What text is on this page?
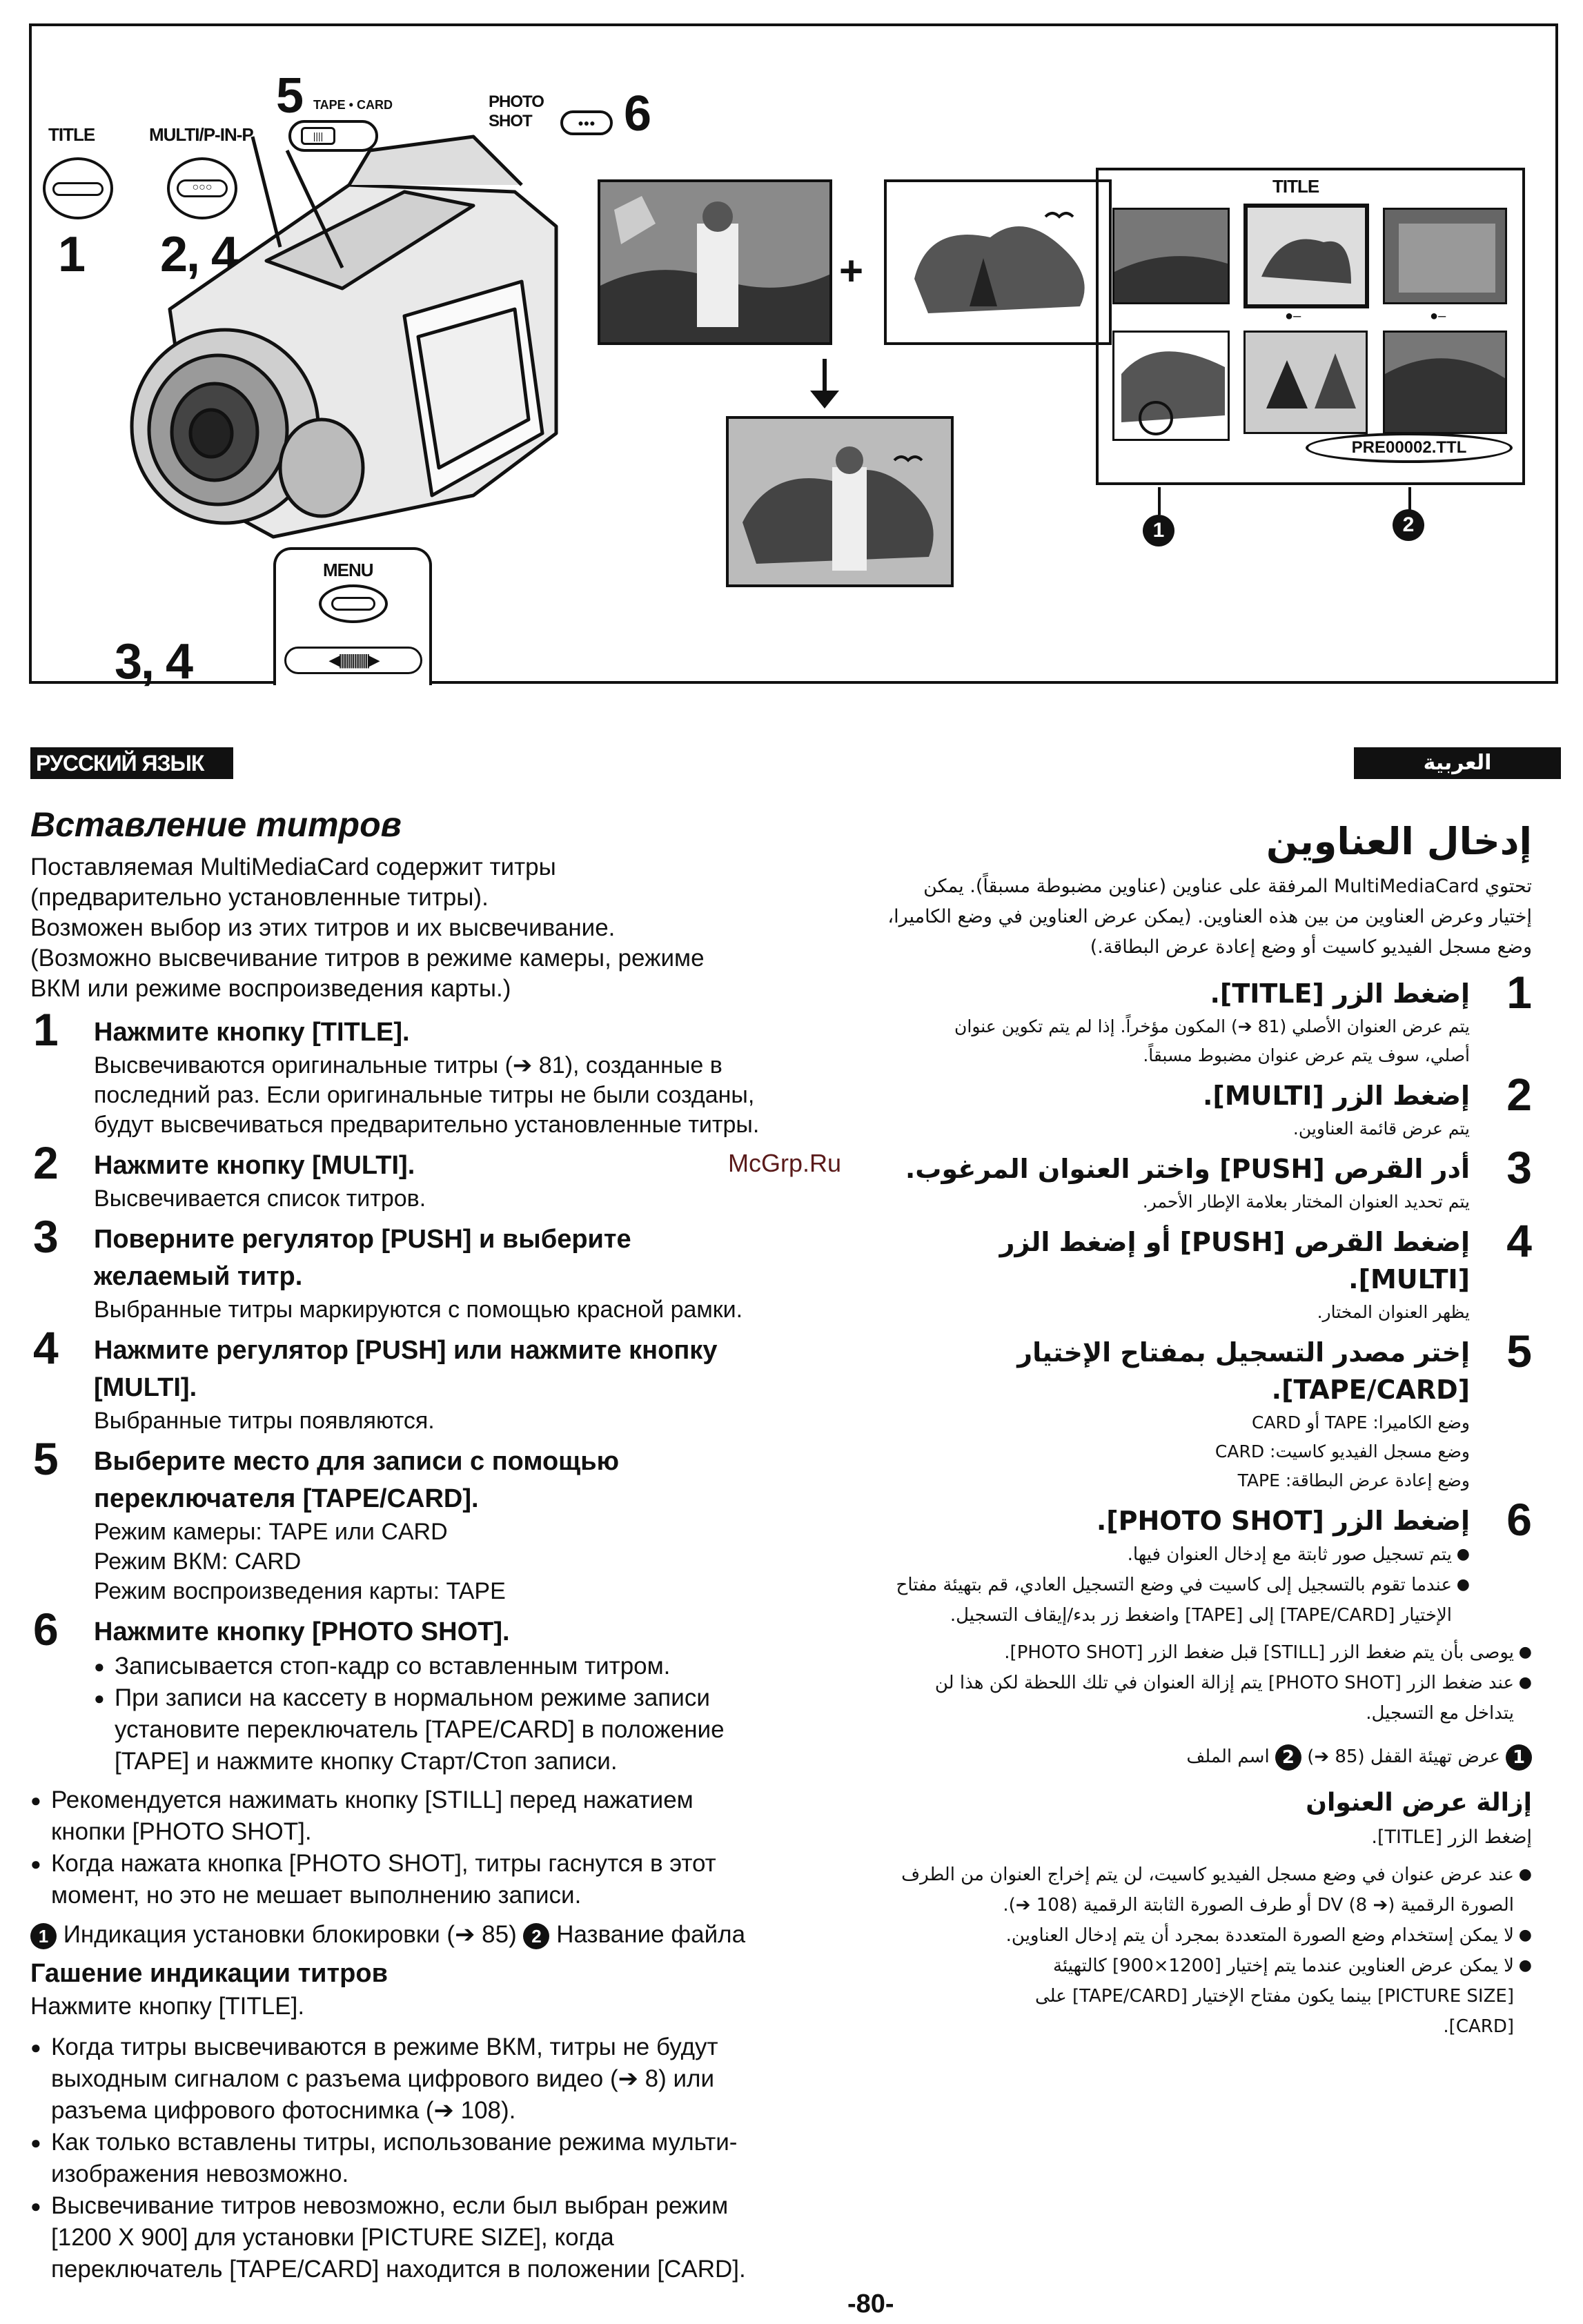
TITLE
1
MULTI/P-IN-P
○○○
2, 4
5 TAPE • CARD
||||
PHOTO
SHOT	●●● 6
MENU
◀||||||||||||||||▶
3, 4
+
TITLE
●–	●–
PRE00002.TTL
1	2
РУССКИЙ ЯЗЫК	العربية
Вставление титров
Поставляемая MultiMediaCard содержит титры
(предварительно установленные титры).
Возможен выбор из этих титров и их высвечивание.
(Возможно высвечивание титров в режиме камеры, режиме
ВКМ или режиме воспроизведения карты.)
1 Нажмите кнопку [TITLE].
Высвечиваются оригинальные титры (➔ 81), созданные в
последний раз. Если оригинальные титры не были созданы,
будут высвечиваться предварительно установленные титры.
2 Нажмите кнопку [MULTI].
Высвечивается список титров.
3 Поверните регулятор [PUSH] и выберите
желаемый титр.
Выбранные титры маркируются с помощью красной рамки.
4 Нажмите регулятор [PUSH] или нажмите кнопку
[MULTI].
Выбранные титры появляются.
5 Выберите место для записи с помощью
переключателя [TAPE/CARD].
Режим камеры: TAPE или CARD
Режим ВКМ: CARD
Режим воспроизведения карты: TAPE
6 Нажмите кнопку [PHOTO SHOT].
● Записывается стоп-кадр со вставленным титром.
● При записи на кассету в нормальном режиме записи
установите переключатель [TAPE/CARD] в положение
[TAPE] и нажмите кнопку Старт/Стоп записи.
● Рекомендуется нажимать кнопку [STILL] перед нажатием
кнопки [PHOTO SHOT].
● Когда нажата кнопка [PHOTO SHOT], титры гаснутся в этот
момент, но это не мешает выполнению записи.
1 Индикация установки блокировки (➔ 85) 2 Название файла
Гашение индикации титров
Нажмите кнопку [TITLE].
● Когда титры высвечиваются в режиме ВКМ, титры не будут
выходным сигналом с разъема цифрового видео (➔ 8) или
разъема цифрового фотоснимка (➔ 108).
● Как только вставлены титры, использование режима мульти-
изображения невозможно.
● Высвечивание титров невозможно, если был выбран режим
[1200 X 900] для установки [PICTURE SIZE], когда
переключатель [TAPE/CARD] находится в положении [CARD].
إدخال العناوين
تحتوي MultiMediaCard المرفقة على عناوين (عناوين مضبوطة مسبقاً). يمكن
إختيار وعرض العناوين من بين هذه العناوين. (يمكن عرض العناوين في وضع الكاميرا،
وضع مسجل الفيديو كاسيت أو وضع إعادة عرض البطاقة.)
1
إضغط الزر [TITLE].
يتم عرض العنوان الأصلي (81 ➔) المكون مؤخراً. إذا لم يتم تكوين عنوان
أصلي، سوف يتم عرض عنوان مضبوط مسبقاً.
2
إضغط الزر [MULTI].
يتم عرض قائمة العناوين.
3
أدر القرص [PUSH] واختر العنوان المرغوب.
يتم تحديد العنوان المختار بعلامة الإطار الأحمر.
4
إضغط القرص [PUSH] أو إضغط الزر
[MULTI].
يظهر العنوان المختار.
5
إختر مصدر التسجيل بمفتاح الإختيار
[TAPE/CARD].
وضع الكاميرا: TAPE أو CARD
وضع مسجل الفيديو كاسيت: CARD
وضع إعادة عرض البطاقة: TAPE
6
إضغط الزر [PHOTO SHOT].
● يتم تسجيل صور ثابتة مع إدخال العنوان فيها.
● عندما تقوم بالتسجيل إلى كاسيت في وضع التسجيل العادي، قم بتهيئة مفتاح
الإختيار [TAPE/CARD] إلى [TAPE] واضغط زر بدء/إيقاف التسجيل.
● يوصى بأن يتم ضغط الزر [STILL] قبل ضغط الزر [PHOTO SHOT].
● عند ضغط الزر [PHOTO SHOT] يتم إزالة العنوان في تلك اللحظة لكن هذا لن
يتداخل مع التسجيل.
1 عرض تهيئة القفل (85 ➔) 2 اسم الملف
إزالة عرض العنوان
إضغط الزر [TITLE].
● عند عرض عنوان في وضع مسجل الفيديو كاسيت، لن يتم إخراج العنوان من الطرف
الصورة الرقمية DV (8 ➔) أو طرف الصورة الثابتة الرقمية (108 ➔).
● لا يمكن إستخدام وضع الصورة المتعددة بمجرد أن يتم إدخال العناوين.
● لا يمكن عرض العناوين عندما يتم إختيار [1200×900] كالتهيئة
[PICTURE SIZE] بينما يكون مفتاح الإختيار [TAPE/CARD] على
[CARD].
McGrp.Ru
-80-
